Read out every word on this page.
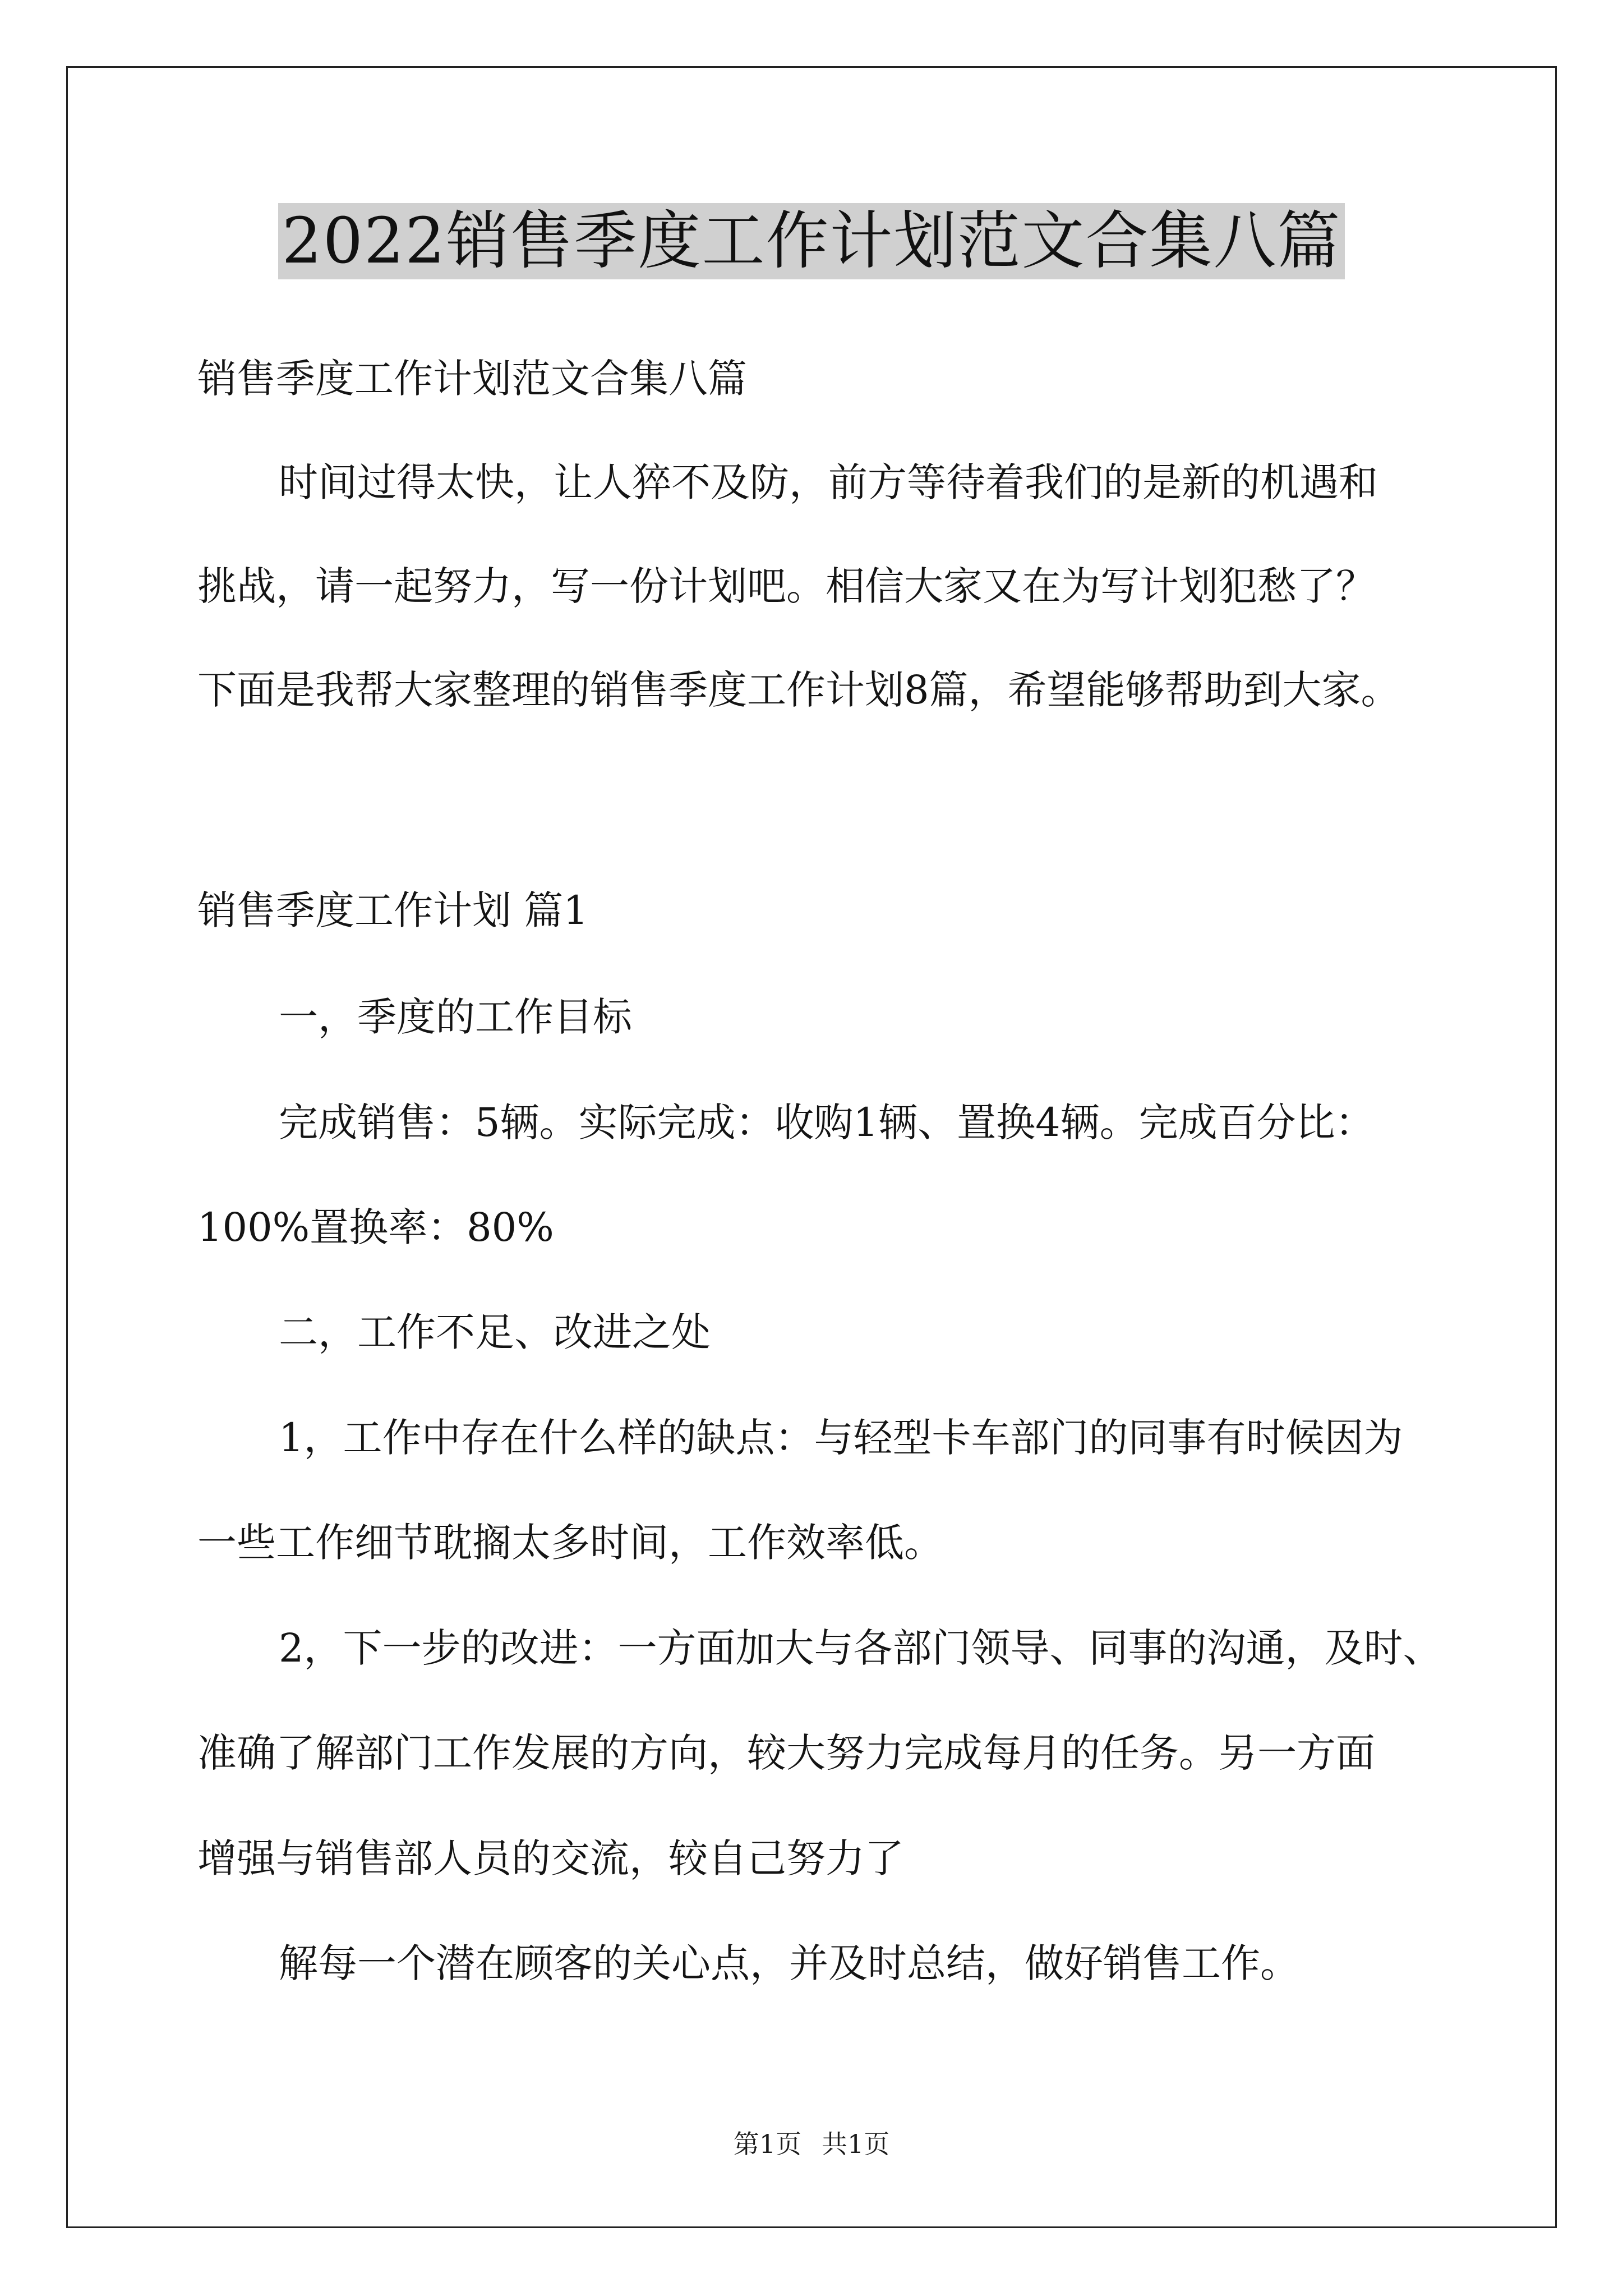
2022销售季度工作计划范文合集八篇
销售季度工作计划范文合集八篇
时间过得太快，让人猝不及防，前方等待着我们的是新的机遇和
挑战，请一起努力，写一份计划吧。相信大家又在为写计划犯愁了？
下面是我帮大家整理的销售季度工作计划8篇，希望能够帮助到大家。
销售季度工作计划 篇1
一，季度的工作目标
完成销售：5辆。实际完成：收购1辆、置换4辆。完成百分比：
100%置换率：80%
二，工作不足、改进之处
1，工作中存在什么样的缺点：与轻型卡车部门的同事有时候因为
一些工作细节耽搁太多时间，工作效率低。
2，下一步的改进：一方面加大与各部门领导、同事的沟通，及时、
准确了解部门工作发展的方向，较大努力完成每月的任务。另一方面
增强与销售部人员的交流，较自己努力了
解每一个潜在顾客的关心点，并及时总结，做好销售工作。
第1页 共1页
